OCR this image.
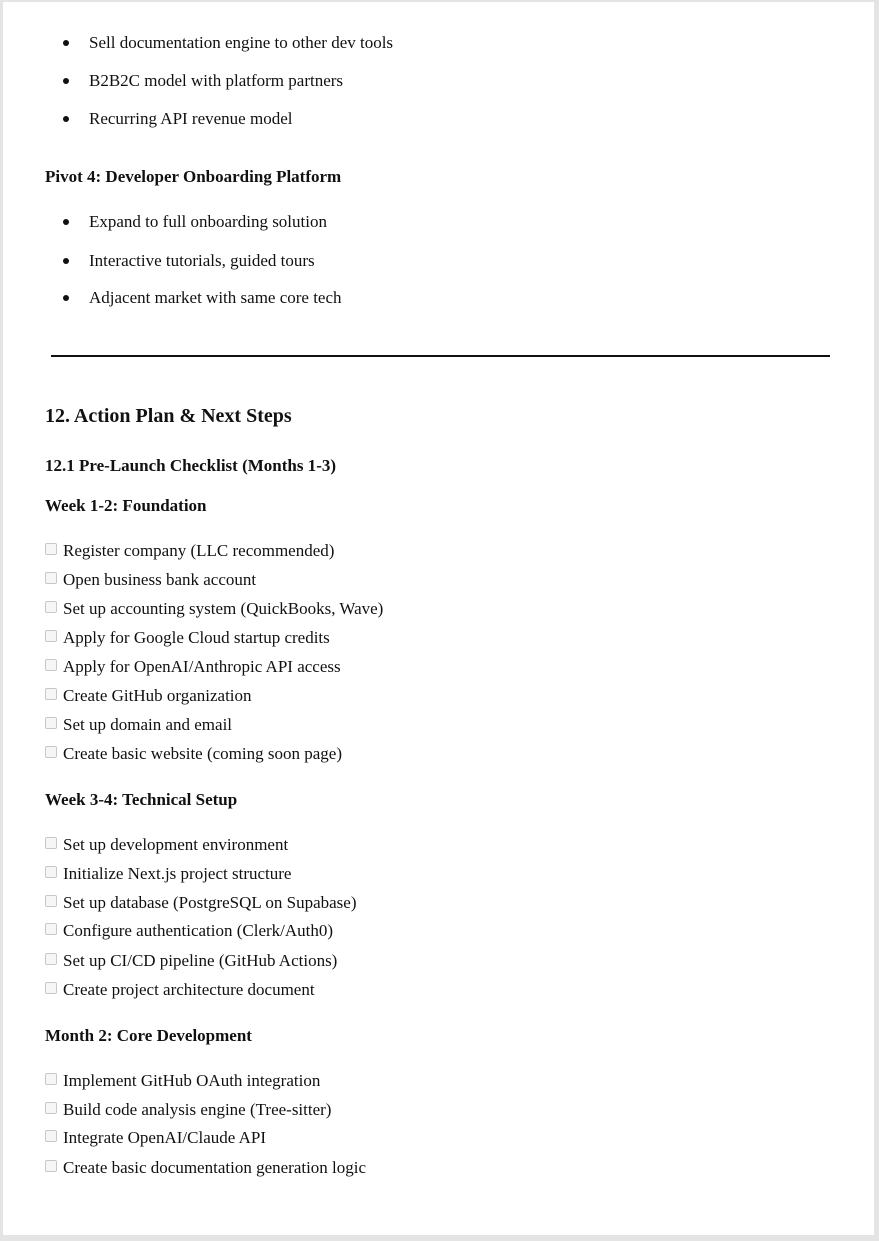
Sell documentation engine to other dev tools
B2B2C model with platform partners
Recurring API revenue model
Pivot 4: Developer Onboarding Platform
Expand to full onboarding solution
Interactive tutorials, guided tours
Adjacent market with same core tech
12. Action Plan & Next Steps
12.1 Pre-Launch Checklist (Months 1-3)
Week 1-2: Foundation
Register company (LLC recommended)
Open business bank account
Set up accounting system (QuickBooks, Wave)
Apply for Google Cloud startup credits
Apply for OpenAI/Anthropic API access
Create GitHub organization
Set up domain and email
Create basic website (coming soon page)
Week 3-4: Technical Setup
Set up development environment
Initialize Next.js project structure
Set up database (PostgreSQL on Supabase)
Configure authentication (Clerk/Auth0)
Set up CI/CD pipeline (GitHub Actions)
Create project architecture document
Month 2: Core Development
Implement GitHub OAuth integration
Build code analysis engine (Tree-sitter)
Integrate OpenAI/Claude API
Create basic documentation generation logic
